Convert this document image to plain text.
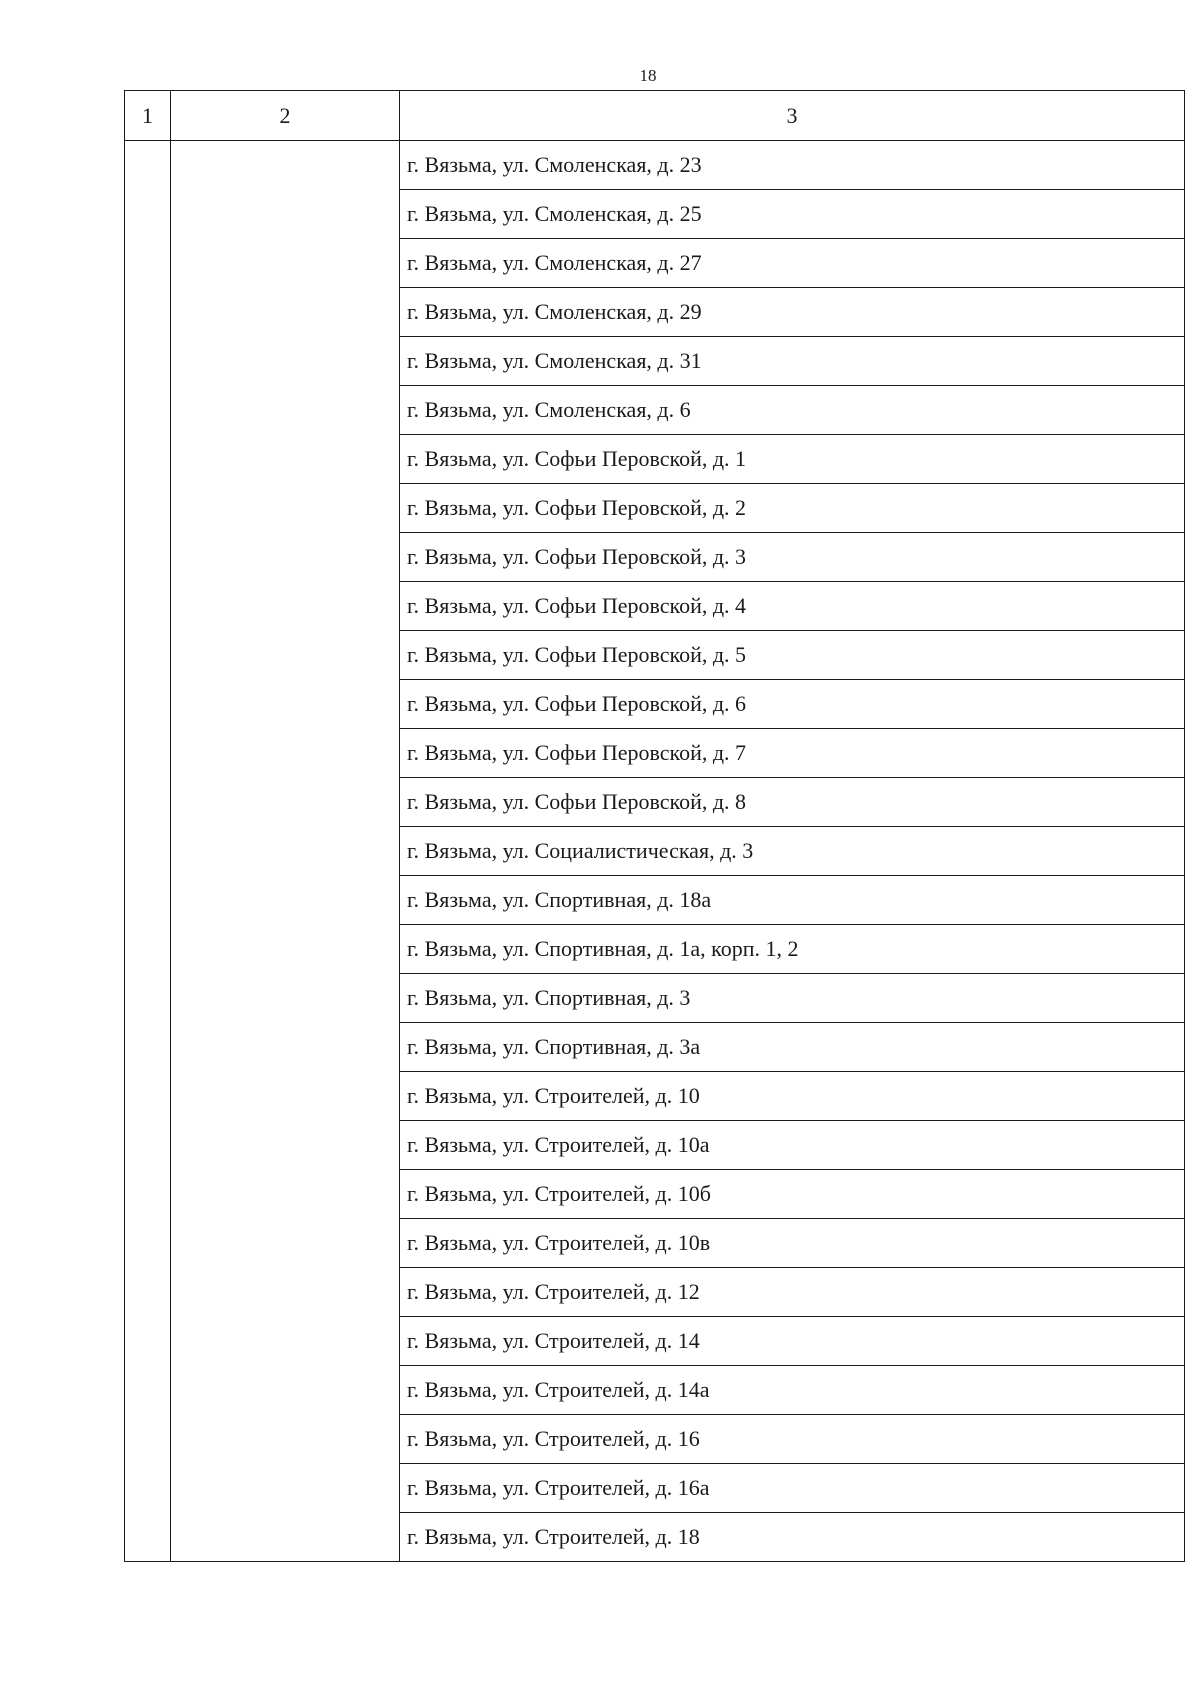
18
1	2	3
		г. Вязьма, ул. Смоленская, д. 23
		г. Вязьма, ул. Смоленская, д. 25
		г. Вязьма, ул. Смоленская, д. 27
		г. Вязьма, ул. Смоленская, д. 29
		г. Вязьма, ул. Смоленская, д. 31
		г. Вязьма, ул. Смоленская, д. 6
		г. Вязьма, ул. Софьи Перовской, д. 1
		г. Вязьма, ул. Софьи Перовской, д. 2
		г. Вязьма, ул. Софьи Перовской, д. 3
		г. Вязьма, ул. Софьи Перовской, д. 4
		г. Вязьма, ул. Софьи Перовской, д. 5
		г. Вязьма, ул. Софьи Перовской, д. 6
		г. Вязьма, ул. Софьи Перовской, д. 7
		г. Вязьма, ул. Софьи Перовской, д. 8
		г. Вязьма, ул. Социалистическая, д. 3
		г. Вязьма, ул. Спортивная, д. 18а
		г. Вязьма, ул. Спортивная, д. 1а, корп. 1, 2
		г. Вязьма, ул. Спортивная, д. 3
		г. Вязьма, ул. Спортивная, д. 3а
		г. Вязьма, ул. Строителей, д. 10
		г. Вязьма, ул. Строителей, д. 10а
		г. Вязьма, ул. Строителей, д. 10б
		г. Вязьма, ул. Строителей, д. 10в
		г. Вязьма, ул. Строителей, д. 12
		г. Вязьма, ул. Строителей, д. 14
		г. Вязьма, ул. Строителей, д. 14а
		г. Вязьма, ул. Строителей, д. 16
		г. Вязьма, ул. Строителей, д. 16а
		г. Вязьма, ул. Строителей, д. 18
